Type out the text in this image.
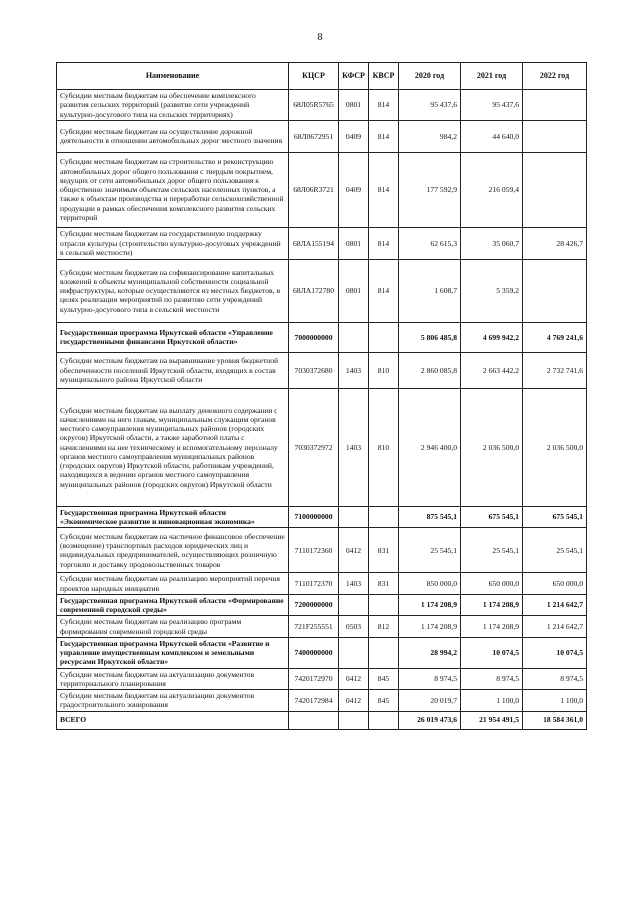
8
Наименование	КЦСР	КФСР	КВСР	2020 год	2021 год	2022 год
Субсидии местным бюджетам на обеспечение комплексного развития сельских территорий (развитие сети учреждений культурно-досугового типа на сельских территориях)	68Л05R5765	0801	814	95 437,6	95 437,6	
Субсидии местным бюджетам на осуществление дорожной деятельности в отношении автомобильных дорог местного значения	68Л0672951	0409	814	984,2	44 640,0	
Субсидии местным бюджетам на строительство и реконструкцию автомобильных дорог общего пользования с твердым покрытием, ведущих от сети автомобильных дорог общего пользования к общественно значимым объектам сельских населенных пунктов, а также к объектам производства и переработки сельскохозяйственной продукции в рамках обеспечения комплексного развития сельских территорий	68Л06R3721	0409	814	177 592,9	216 059,4	
Субсидии местным бюджетам на государственную поддержку отрасли культуры (строительство культурно-досуговых учреждений в сельской местности)	68ЛA155194	0801	814	62 615,3	35 060,7	28 426,7
Субсидии местным бюджетам на софинансирование капитальных вложений в объекты муниципальной собственности социальной инфраструктуры, которые осуществляются из местных бюджетов, в целях реализации мероприятий по развитию сети учреждений культурно-досугового типа в сельской местности	68ЛA172780	0801	814	1 608,7	5 359,2	
Государственная программа Иркутской области «Управление государственными финансами Иркутской области»	7000000000			5 806 485,8	4 699 942,2	4 769 241,6
Субсидии местным бюджетам на выравнивание уровня бюджетной обеспеченности поселений Иркутской области, входящих в состав муниципального района Иркутской области	7030372680	1403	810	2 860 085,8	2 663 442,2	2 732 741,6
Субсидии местным бюджетам на выплату денежного содержания с начислениями на него главам, муниципальным служащим органов местного самоуправления муниципальных районов (городских округов) Иркутской области, а также заработной платы с начислениями на нее техническому и вспомогательному персоналу органов местного самоуправления муниципальных районов (городских округов) Иркутской области, работникам учреждений, находящихся в ведении органов местного самоуправления муниципальных районов (городских округов) Иркутской области	7030372972	1403	810	2 946 400,0	2 036 500,0	2 036 500,0
Государственная программа Иркутской области «Экономическое развитие и инновационная экономика»	7100000000			875 545,1	675 545,1	675 545,1
Субсидии местным бюджетам на частичное финансовое обеспечение (возмещение) транспортных расходов юридических лиц и индивидуальных предпринимателей, осуществляющих розничную торговлю и доставку продовольственных товаров	7110172360	0412	831	25 545,1	25 545,1	25 545,1
Субсидии местным бюджетам на реализацию мероприятий перечня проектов народных инициатив	7110172370	1403	831	850 000,0	650 000,0	650 000,0
Государственная программа Иркутской области «Формирование современной городской среды»	7200000000			1 174 208,9	1 174 208,9	1 214 642,7
Субсидии местным бюджетам на реализацию программ формирования современной городской среды	721F255551	0503	812	1 174 208,9	1 174 208,9	1 214 642,7
Государственная программа Иркутской области «Развитие и управление имущественным комплексом и земельными ресурсами Иркутской области»	7400000000			28 994,2	10 074,5	10 074,5
Субсидии местным бюджетам на актуализацию документов территориального планирования	7420172970	0412	845	8 974,5	8 974,5	8 974,5
Субсидии местным бюджетам на актуализацию документов градостроительного зонирования	7420172984	0412	845	20 019,7	1 100,0	1 100,0
ВСЕГО				26 019 473,6	21 954 491,5	18 584 361,0
